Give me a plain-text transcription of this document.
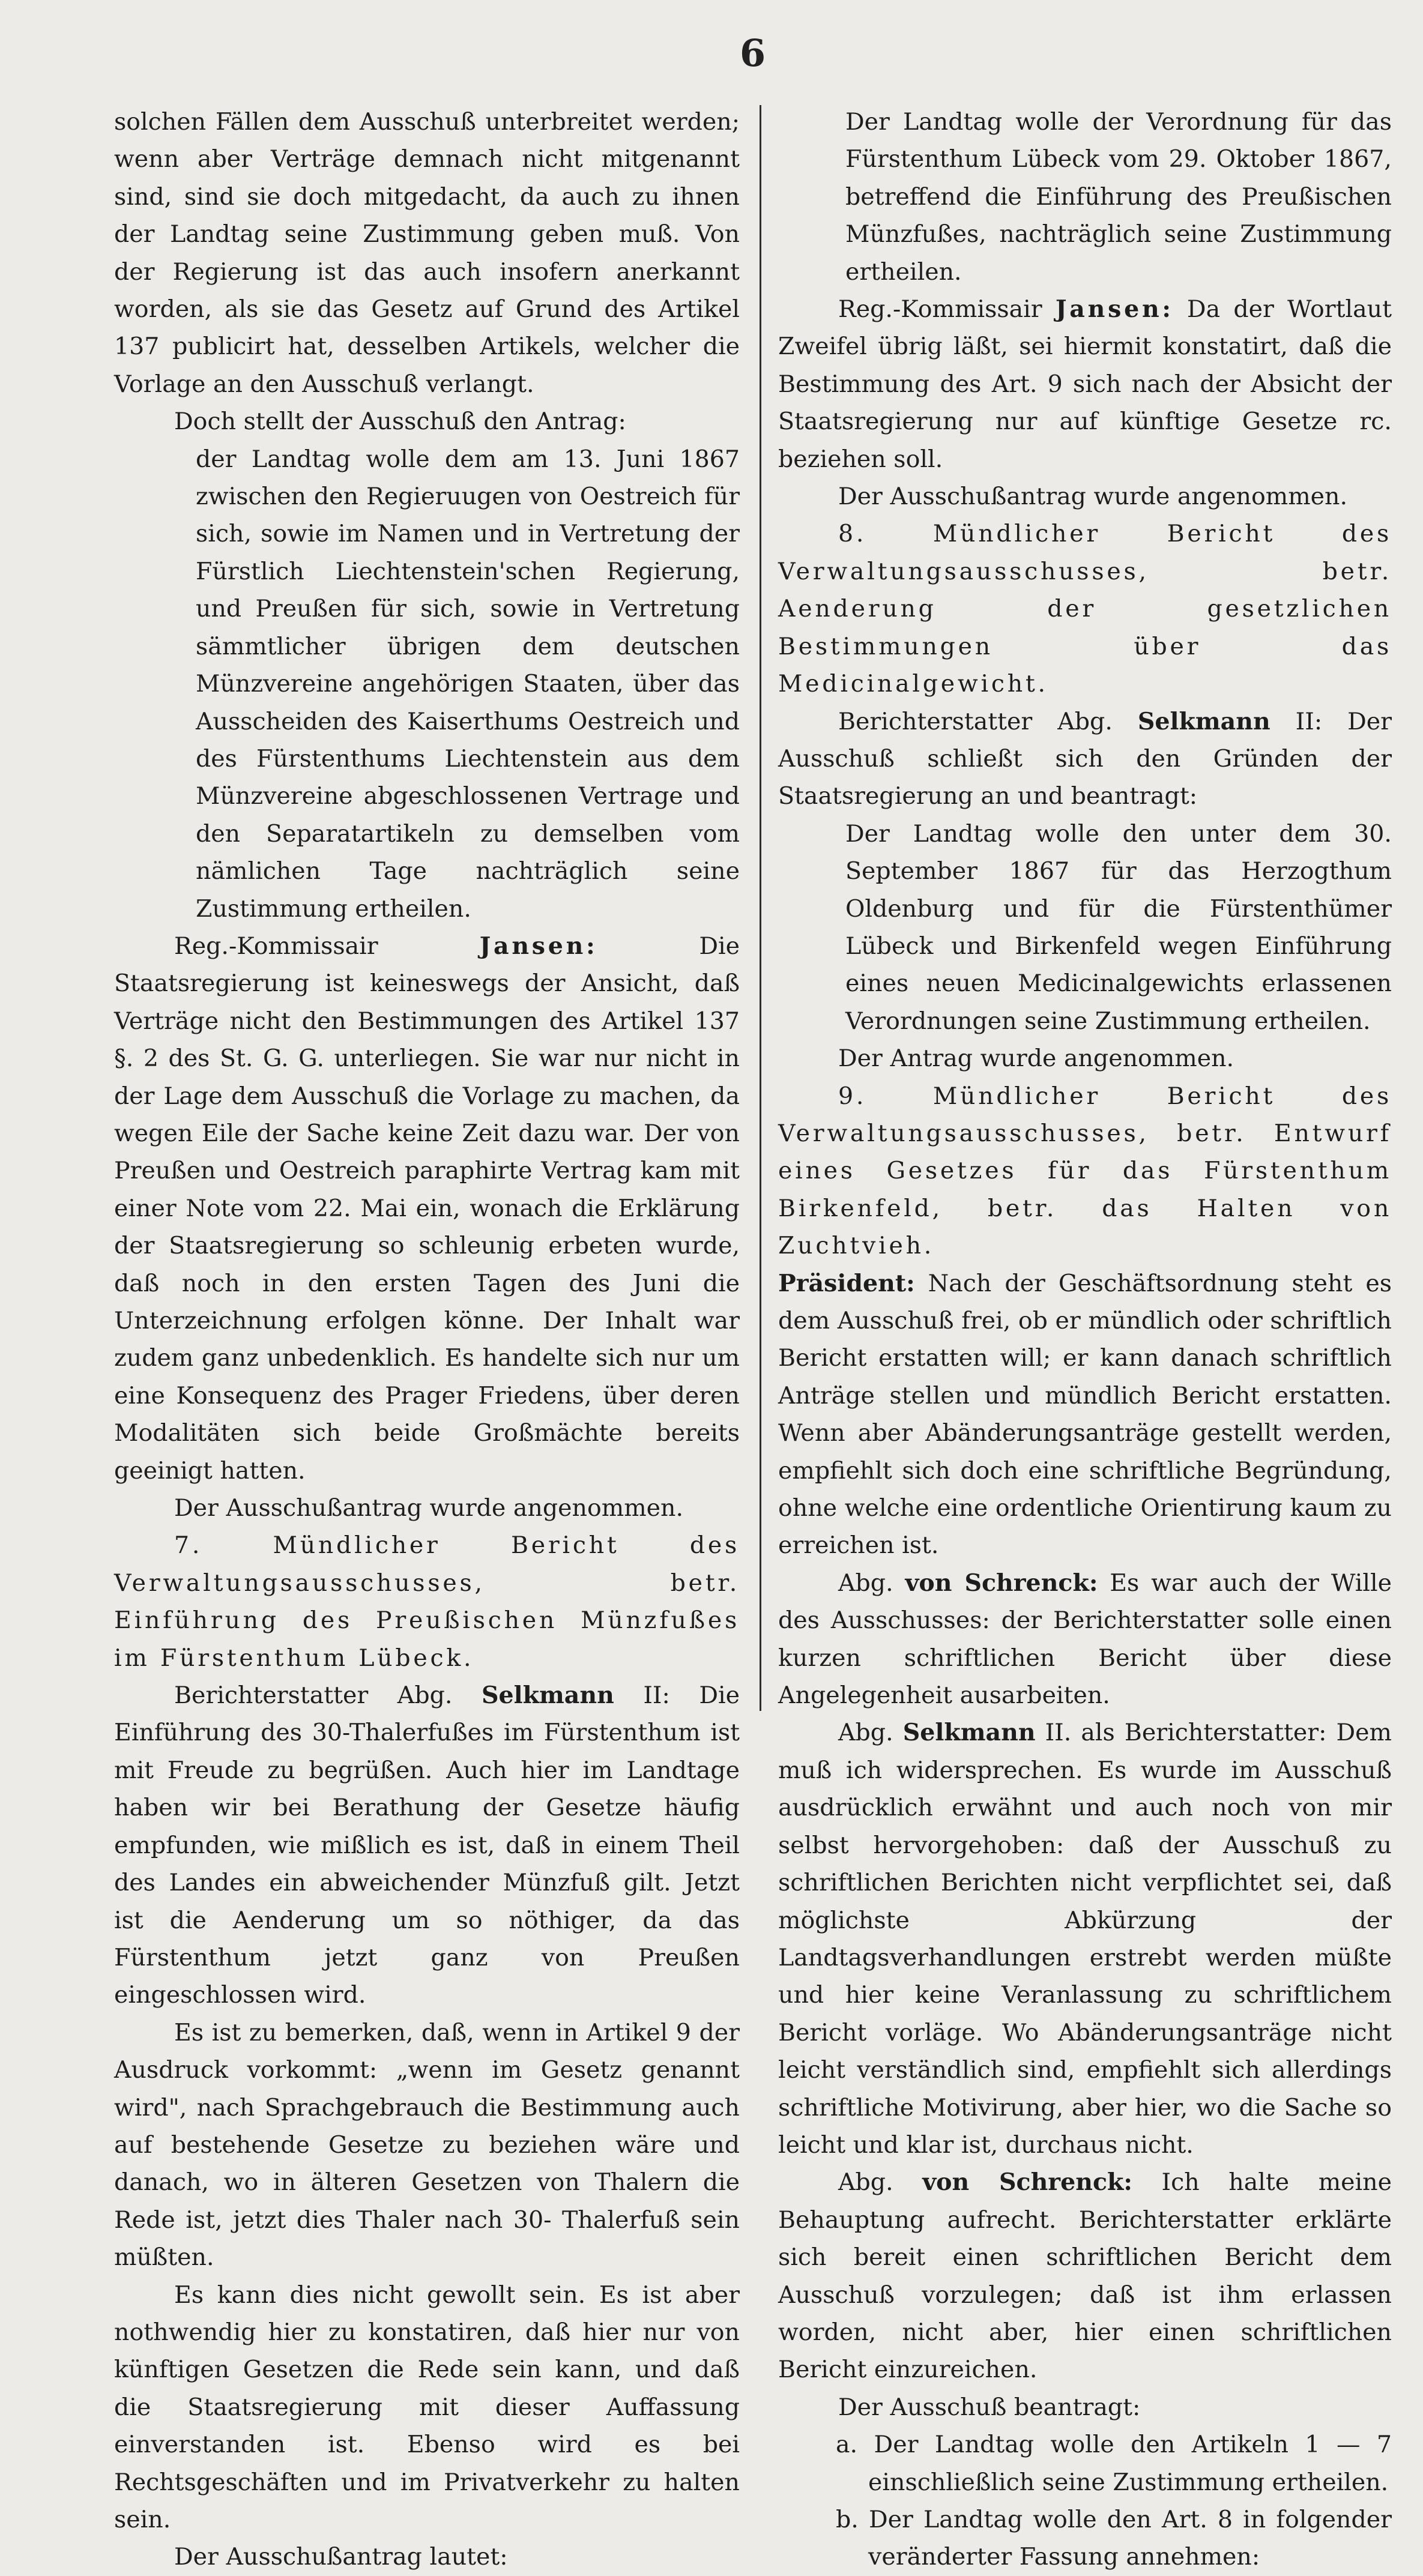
6

solchen Fällen dem Ausschuß unterbreitet werden; wenn aber Verträge demnach nicht mitgenannt sind, sind sie doch mitgedacht, da auch zu ihnen der Landtag seine Zustimmung geben muß. Von der Regierung ist das auch insofern anerkannt worden, als sie das Gesetz auf Grund des Artikel 137 publicirt hat, desselben Artikels, welcher die Vorlage an den Ausschuß verlangt.

Doch stellt der Ausschuß den Antrag:

der Landtag wolle dem am 13. Juni 1867 zwischen den Regieruugen von Oestreich für sich, sowie im Namen und in Vertretung der Fürstlich Liechtenstein'schen Regierung, und Preußen für sich, sowie in Vertretung sämmtlicher übrigen dem deutschen Münzvereine angehörigen Staaten, über das Ausscheiden des Kaiserthums Oestreich und des Fürstenthums Liechtenstein aus dem Münzvereine abgeschlossenen Vertrage und den Separatartikeln zu demselben vom nämlichen Tage nachträglich seine Zustimmung ertheilen.

Reg.-Kommissair	Jansen:	Die Staatsregierung ist keineswegs der Ansicht, daß Verträge nicht den Bestimmungen des Artikel 137 §. 2 des St. G. G. unterliegen. Sie war nur nicht in der Lage dem Ausschuß die Vorlage zu machen, da wegen Eile der Sache keine Zeit dazu war. Der von Preußen und Oestreich paraphirte Vertrag kam mit einer Note vom 22. Mai ein, wonach die Erklärung der Staatsregierung so schleunig erbeten wurde, daß noch in den ersten Tagen des Juni die Unterzeichnung erfolgen könne. Der Inhalt war zudem ganz unbedenklich. Es handelte sich nur um eine Konsequenz des Prager Friedens, über deren Modalitäten sich beide Großmächte bereits geeinigt hatten.

Der Ausschußantrag wurde angenommen.

7. Mündlicher Bericht des Verwaltungsausschusses, betr. Einführung des Preußischen Münzfußes im Fürstenthum Lübeck.

Berichterstatter Abg. Selkmann II: Die Einführung des 30-Thalerfußes im Fürstenthum ist mit Freude zu begrüßen. Auch hier im Landtage haben wir bei Berathung der Gesetze häufig empfunden, wie mißlich es ist, daß in einem Theil des Landes ein abweichender Münzfuß gilt. Jetzt ist die Aenderung um so nöthiger, da das Fürstenthum jetzt ganz von Preußen eingeschlossen wird.

Es ist zu bemerken, daß, wenn in Artikel 9 der Ausdruck vorkommt: „wenn im Gesetz genannt wird", nach Sprachgebrauch die Bestimmung auch auf bestehende Gesetze zu beziehen wäre und danach, wo in älteren Gesetzen von Thalern die Rede ist, jetzt dies Thaler nach 30- Thalerfuß sein müßten.

Es kann dies nicht gewollt sein. Es ist aber nothwendig hier zu konstatiren, daß hier nur von künftigen Gesetzen die Rede sein kann, und daß die Staatsregierung mit dieser Auffassung einverstanden ist. Ebenso wird es bei Rechtsgeschäften und im Privatverkehr zu halten sein.

Der Ausschußantrag lautet:

Der Landtag wolle der Verordnung für das Fürstenthum Lübeck vom 29. Oktober 1867, betreffend die Einführung des Preußischen Münzfußes, nachträglich seine Zustimmung ertheilen.

Reg.-Kommissair Jansen: Da der Wortlaut Zweifel übrig läßt, sei hiermit konstatirt, daß die Bestimmung des Art. 9 sich nach der Absicht der Staatsregierung nur auf künftige Gesetze rc. beziehen soll.

Der Ausschußantrag wurde angenommen.

8. Mündlicher Bericht des Verwaltungsausschusses, betr. Aenderung der gesetzlichen Bestimmungen über das Medicinalgewicht.

Berichterstatter Abg. Selkmann II: Der Ausschuß schließt sich den Gründen der Staatsregierung an und beantragt:

Der Landtag wolle den unter dem 30. September 1867 für das Herzogthum Oldenburg und für die Fürstenthümer Lübeck und Birkenfeld wegen Einführung eines neuen Medicinalgewichts erlassenen Verordnungen seine Zustimmung ertheilen.

Der Antrag wurde angenommen.

9. Mündlicher Bericht des Verwaltungsausschusses, betr. Entwurf eines Gesetzes für das Fürstenthum Birkenfeld, betr. das Halten von Zuchtvieh.

Präsident: Nach der Geschäftsordnung steht es dem Ausschuß frei, ob er mündlich oder schriftlich Bericht erstatten will; er kann danach schriftlich Anträge stellen und mündlich Bericht erstatten. Wenn aber Abänderungsanträge gestellt werden, empfiehlt sich doch eine schriftliche Begründung, ohne welche eine ordentliche Orientirung kaum zu erreichen ist.

Abg. von Schrenck: Es war auch der Wille des Ausschusses: der Berichterstatter solle einen kurzen schriftlichen Bericht über diese Angelegenheit ausarbeiten.

Abg. Selkmann II. als Berichterstatter: Dem muß ich widersprechen. Es wurde im Ausschuß ausdrücklich erwähnt und auch noch von mir selbst hervorgehoben: daß der Ausschuß zu schriftlichen Berichten nicht verpflichtet sei, daß möglichste Abkürzung der Landtagsverhandlungen erstrebt werden müßte und hier keine Veranlassung zu schriftlichem Bericht vorläge. Wo Abänderungsanträge nicht leicht verständlich sind, empfiehlt sich allerdings schriftliche Motivirung, aber hier, wo die Sache so leicht und klar ist, durchaus nicht.

Abg. von Schrenck: Ich halte meine Behauptung aufrecht. Berichterstatter erklärte sich bereit einen schriftlichen Bericht dem Ausschuß vorzulegen; daß ist ihm erlassen worden, nicht aber, hier einen schriftlichen Bericht einzureichen.

Der Ausschuß beantragt:

a. Der Landtag wolle den Artikeln 1 — 7 einschließlich seine Zustimmung ertheilen.

b. Der Landtag wolle den Art. 8 in folgender veränderter Fassung annehmen:
